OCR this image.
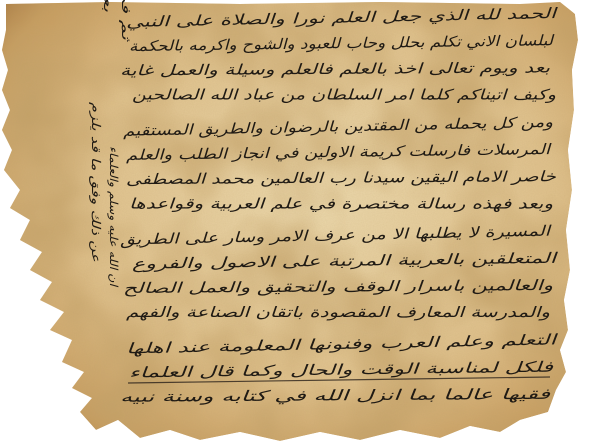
الحمد لله الذي جعل العلم نورا والصلاة على النبي
لبلسان الاني تكلم بحلل وحاب للعبود والشوح واكرمه بالحكمة
بعد ويوم تعالى اخذ بالعلم فالعلم وسيلة والعمل غاية
وكيف اتيناكم كلما امر السلطان من عباد الله الصالحين
ومن كل يحمله من المقتدين بالرضوان والطريق المستقيم
المرسلات فارسلت كريمة الاولين في انجاز الطلب والعلم
خاصر الامام اليقين سيدنا رب العالمين محمد المصطفى
وبعد فهذه رسالة مختصرة في علم العربية وقواعدها
المسيرة لا يطلبها الا من عرف الامر وسار على الطريق
المتعلقين بالعربية المرتبة على الاصول والفروع
والعالمين باسرار الوقف والتحقيق والعمل الصالح
والمدرسة المعارف المقصودة باتقان الصناعة والفهم
التعلم وعلم العرب وفنونها المعلومة عند اهلها
فلكل لمناسبة الوقت والحال وكما قال العلماء
فقيها عالما بما انزل الله في كتابه وسنة نبيه
عن ذلك وفق ما قد يلزم ان الله عليه وسلم والعلماء
